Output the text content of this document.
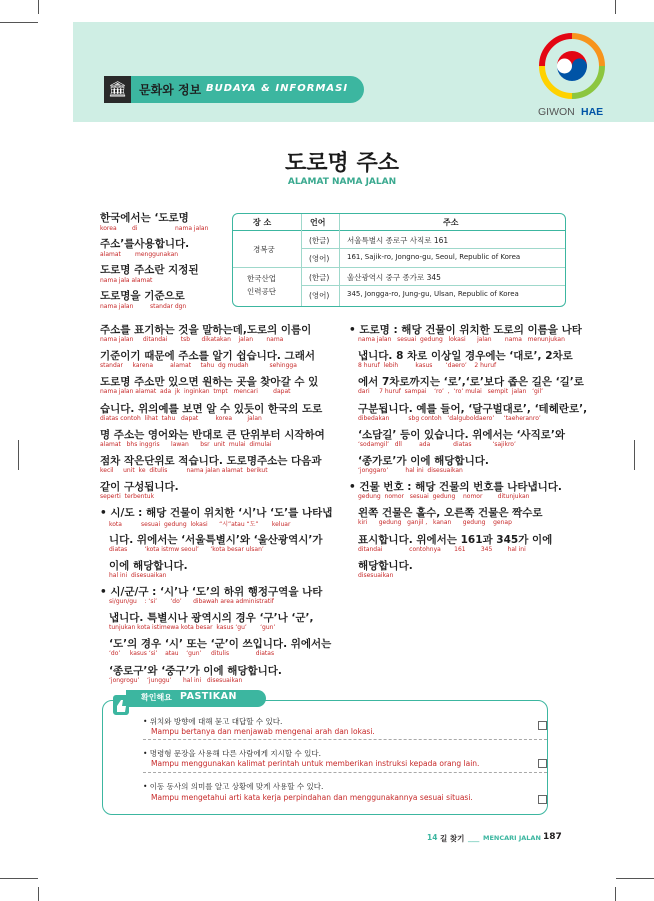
🏛 문화와 정보 BUDAYA & INFORMASI
GIWON HAE
도로명 주소
ALAMAT NAMA JALAN
한국에서는 ‘도로명
korea	di	nama jalan
주소’를사용합니다.
alamat menggunakan
도로명 주소란 지정된
nama jala alamat
도로명을 기준으로
nama jalan	standar dgn
장 소	언어	주소
경복궁
(한글) 서울특별시 종로구 사직로 161
(영어)	161, Sajik-ro, Jongno-gu, Seoul, Republic of Korea
한국산업
인력공단
(한글) 울산광역시 중구 종가로 345
(영어)	345, Jongga-ro, Jung-gu, Ulsan, Republic of Korea
주소를 표기하는 것을 말하는데,도로의 이름이
nama jalan     ditandai       tsb      dikatakan    jalan       nama
기준이기 때문에 주소를 알기 쉽습니다. 그래서
standar     karena         alamat     tahu  dg mudah           sehingga
도로명 주소만 있으면 원하는 곳을 찾아갈 수 있
nama jalan alamat  ada  jk  inginkan  tmpt   mencari        dapat
습니다. 위의예를 보면 알 수 있듯이 한국의 도로
diatas contoh  lihat  tahu   dapat         korea        jalan
명 주소는 영어와는 반대로 큰 단위부터 시작하여
alamat   bhs inggris      lawan      bsr  unit  mulai  dimulai
점차 작은단위로 적습니다. 도로명주소는 다음과
kecil     unit  ke  ditulis          nama jalan alamat  berikut
같이 구성됩니다.
seperti  terbentuk
• 시/도 : 해당 건물이 위치한 ‘시’나 ‘도’를 나타냅
kota          sesuai  gedung  lokasi      “시”atau “도”       keluar
니다. 위에서는 ‘서울특별시’와 ‘울산광역시’가
diatas         ‘kota istmw seoul’      ‘kota besar ulsan’
이에 해당합니다.
hal ini  disesuaikan
• 시/군/구 : ‘시’나 ‘도’의 하위 행정구역을 나타
si/gun/gu    : ‘si’       ‘do’      dibawah area administratif
냅니다. 특별시나 광역시의 경우 ‘구’나 ‘군’,
tunjukan kota istimewa kota besar  kasus ‘gu’       ‘gun’
‘도’의 경우 ‘시’ 또는 ‘군’이 쓰입니다. 위에서는
‘do’     kasus ‘si’    atau    ‘gun’     ditulis              diatas
‘종로구’와 ‘중구’가 이에 해당합니다.
‘jongrogu’    ‘junggu’      hal ini   disesuaikan
• 도로명 : 해당 건물이 위치한 도로의 이름을 나타
nama jalan   sesuai  gedung   lokasi      jalan       nama   menunjukan
냅니다. 8 차로 이상일 경우에는 ‘대로’, 2차로
8 huruf  lebih         kasus       ‘daero’    2 huruf
에서 7차로까지는 ‘로’,‘로’보다 좁은 길은 ‘길’로
dari     7 huruf  sampai    ‘ro’  ,  ‘ro’ mulai   sempit  jalan   ‘gil’
구분됩니다. 예를 들어, ‘달구벌대로’, ‘테헤란로’,
dibedakan          sbg contoh   ‘dalguboldaero’     ‘taeheranro’
‘소담길’ 등이 있습니다. 위에서는 ‘사직로’와
‘sodamgil’   dll         ada            diatas           ‘sajikro’
‘종가로’가 이에 해당합니다.
‘jonggaro’         hal ini  disesuaikan
• 건물 번호 : 해당 건물의 번호를 나타냅니다.
gedung  nomor   sesuai  gedung    nomor        ditunjukan
왼쪽 건물은 홀수, 오른쪽 건물은 짝수로
kiri      gedung   ganjil ,   kanan      gedung    genap
표시합니다. 위에서는 161과 345가 이에
ditandai              contohnya       161        345        hal ini
해당합니다.
disesuaikan
• 위치와 방향에 대해 묻고 대답할 수 있다.
Mampu bertanya dan menjawab mengenai arah dan lokasi.
• 명령형 문장을 사용해 다른 사람에게 지시할 수 있다.
Mampu menggunakan kalimat perintah untuk memberikan instruksi kepada orang lain.
• 이동 동사의 의미를 알고 상황에 맞게 사용할 수 있다.
Mampu mengetahui arti kata kerja perpindahan dan menggunakannya sesuai situasi.
확인해요 PASTIKAN
14 길 찾기 ___ MENCARI JALAN 187
